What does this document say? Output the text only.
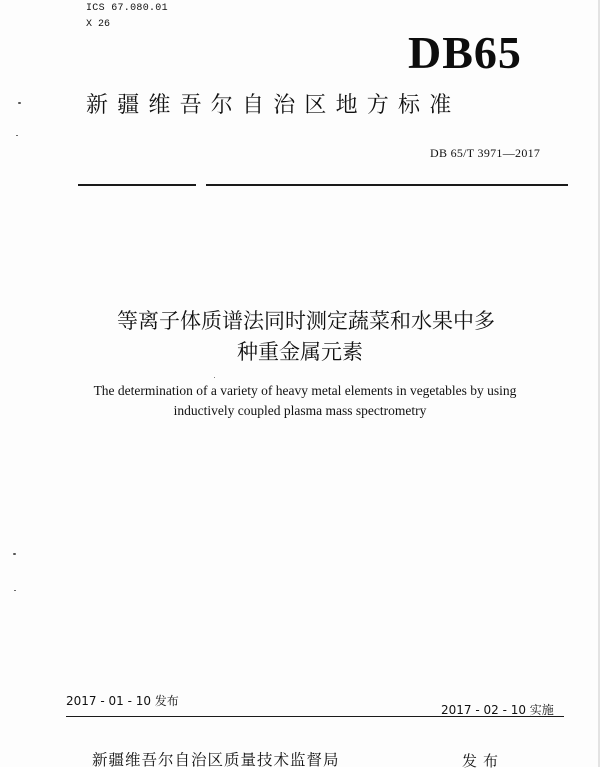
ICS 67.080.01
X 26
DB65
新疆维吾尔自治区地方标准
DB 65/T 3971—2017
等离子体质谱法同时测定蔬菜和水果中多
种重金属元素
The determination of a variety of heavy metal elements in vegetables by using
inductively coupled plasma mass spectrometry
2017 - 01 - 10 发布
2017 - 02 - 10 实施
新疆维吾尔自治区质量技术监督局	发布
